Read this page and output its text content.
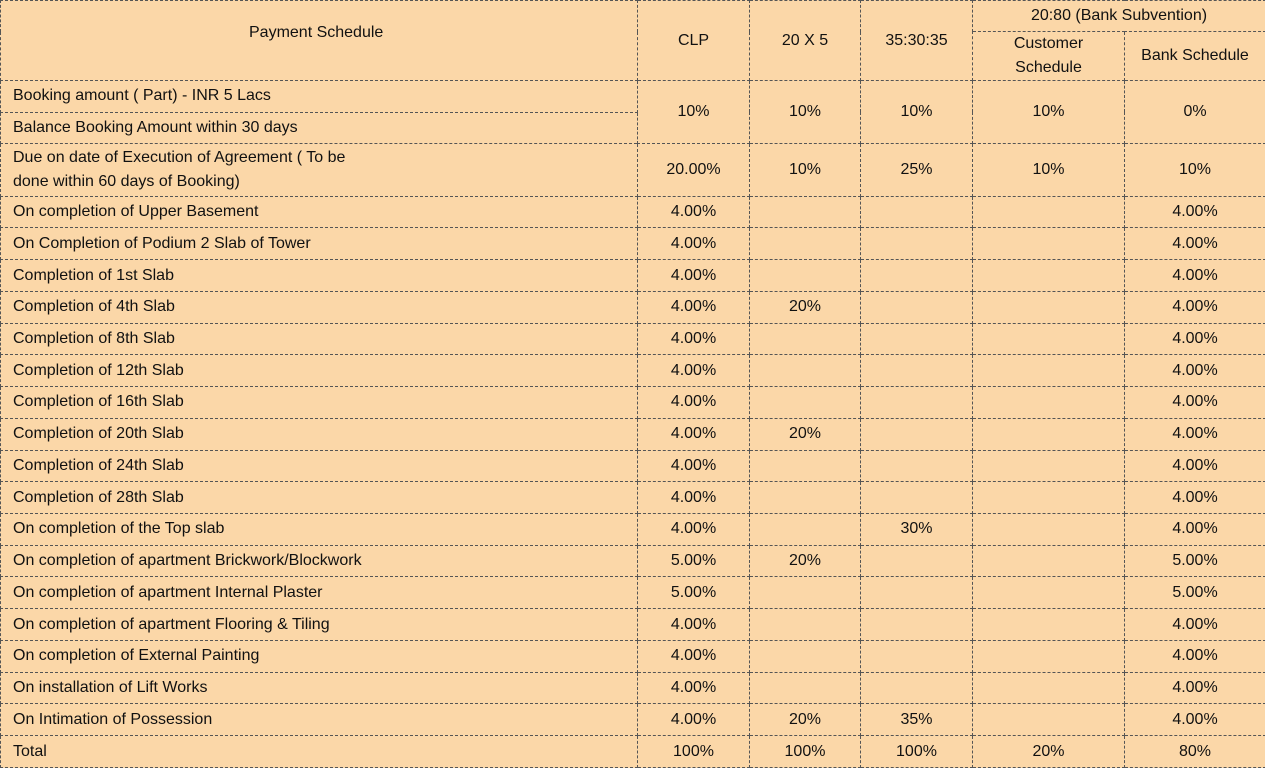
Payment Schedule	CLP	20 X 5	35:30:35	20:80 (Bank Subvention)	
				Customer Schedule	Bank Schedule
Booking amount ( Part) - INR 5 Lacs	10%	10%	10%	10%	0%
Balance Booking Amount within 30 days					
Due on date of Execution of Agreement ( To be done within 60 days of Booking)	20.00%	10%	25%	10%	10%
On completion of Upper Basement	4.00%				4.00%
On Completion of Podium 2 Slab of Tower	4.00%				4.00%
Completion of 1st Slab	4.00%				4.00%
Completion of 4th Slab	4.00%	20%			4.00%
Completion of 8th Slab	4.00%				4.00%
Completion of 12th Slab	4.00%				4.00%
Completion of 16th Slab	4.00%				4.00%
Completion of 20th Slab	4.00%	20%			4.00%
Completion of 24th Slab	4.00%				4.00%
Completion of 28th Slab	4.00%				4.00%
On completion of the Top slab	4.00%		30%		4.00%
On completion of apartment Brickwork/Blockwork	5.00%	20%			5.00%
On completion of apartment Internal Plaster	5.00%				5.00%
On completion of apartment Flooring & Tiling	4.00%				4.00%
On completion of External Painting	4.00%				4.00%
On installation of Lift Works	4.00%				4.00%
On Intimation of Possession	4.00%	20%	35%		4.00%
Total	100%	100%	100%	20%	80%
